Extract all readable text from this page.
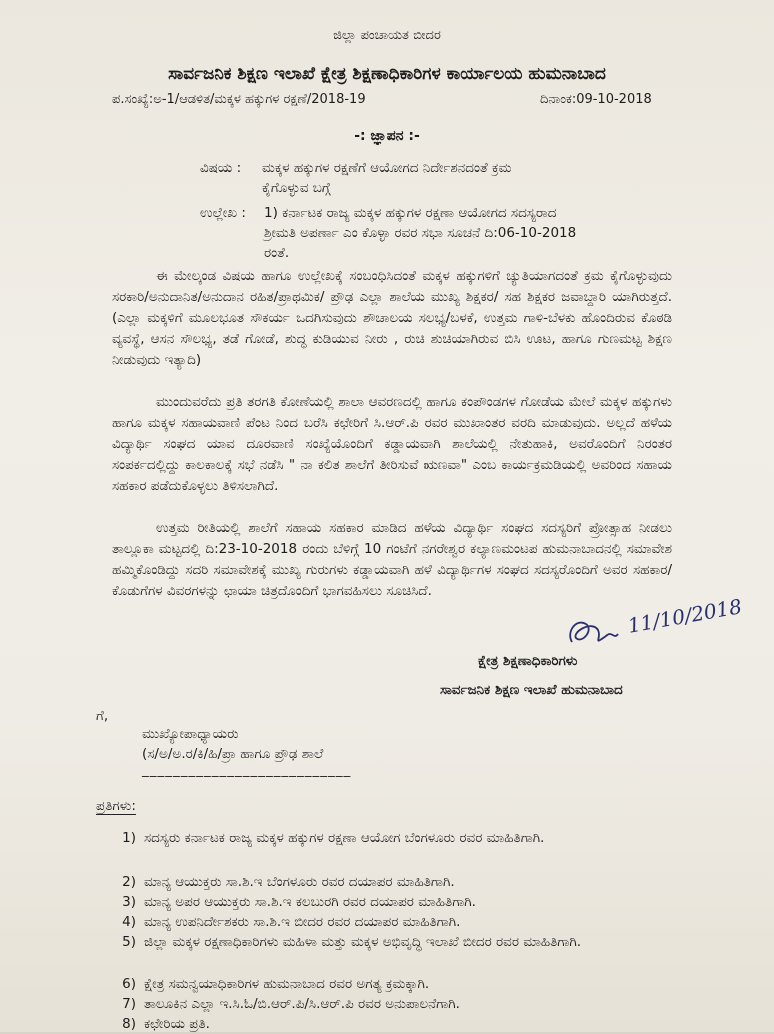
ಜಿಲ್ಲಾ ಪಂಚಾಯತ ಬೀದರ
ಸಾರ್ವಜನಿಕ ಶಿಕ್ಷಣ ಇಲಾಖೆ ಕ್ಷೇತ್ರ ಶಿಕ್ಷಣಾಧಿಕಾರಿಗಳ ಕಾರ್ಯಾಲಯ ಹುಮನಾಬಾದ
ಪ.ಸಂಖ್ಯೆ:ಅ-1/ಆಡಳಿತ/ಮಕ್ಕಳ ಹಕ್ಕುಗಳ ರಕ್ಷಣೆ/2018-19	ದಿನಾಂಕ:09-10-2018
-: ಜ್ಞಾಪನ :-
ವಿಷಯ : ಮಕ್ಕಳ ಹಕ್ಕುಗಳ ರಕ್ಷಣೆಗೆ ಆಯೋಗದ ನಿರ್ದೇಶನದಂತೆ ಕ್ರಮ
ಕೈಗೊಳ್ಳುವ ಬಗ್ಗೆ
ಉಲ್ಲೇಖ : 1) ಕರ್ನಾಟಕ ರಾಜ್ಯ ಮಕ್ಕಳ ಹಕ್ಕುಗಳ ರಕ್ಷಣಾ ಆಯೋಗದ ಸದಸ್ಯರಾದ
ಶ್ರೀಮತಿ ಅಪರ್ಣಾ ಎಂ ಕೊಳ್ಳಾ ರವರ ಸಭಾ ಸೂಚನೆ ದಿ:06-10-2018
ರಂತೆ.
ಈ ಮೇಲ್ಕಂಡ ವಿಷಯ ಹಾಗೂ ಉಲ್ಲೇಖಕ್ಕೆ ಸಂಬಂಧಿಸಿದಂತೆ ಮಕ್ಕಳ ಹಕ್ಕುಗಳಿಗೆ ಚ್ಯುತಿಯಾಗದಂತೆ ಕ್ರಮ ಕೈಗೊಳ್ಳುವುದು ಸರಕಾರಿ/ಅನುದಾನಿತ/ಅನುದಾನ ರಹಿತ/ಪ್ರಾಥಮಿಕ/ ಪ್ರೌಢ ಎಲ್ಲಾ ಶಾಲೆಯ ಮುಖ್ಯ ಶಿಕ್ಷಕರ/ ಸಹ ಶಿಕ್ಷಕರ ಜವಾಬ್ದಾರಿ ಯಾಗಿರುತ್ತದೆ. (ಎಲ್ಲಾ ಮಕ್ಕಳಿಗೆ ಮೂಲಭೂತ ಸೌಕರ್ಯ ಒದಗಿಸುವುದು ಶೌಚಾಲಯ ಸಲಭ್ಯ/ಬಳಕೆ, ಉತ್ತಮ ಗಾಳಿ-ಬೆಳಕು ಹೊಂದಿರುವ ಕೊಠಡಿ ವ್ಯವಸ್ಥೆ, ಆಸನ ಸೌಲಭ್ಯ, ತಡೆ ಗೋಡೆ, ಶುದ್ಧ ಕುಡಿಯುವ ನೀರು , ರುಚಿ ಶುಚಿಯಾಗಿರುವ ಬಿಸಿ ಊಟ, ಹಾಗೂ ಗುಣಮಟ್ಟ ಶಿಕ್ಷಣ ನೀಡುವುದು ಇತ್ಯಾದಿ)
ಮುಂದುವರೆದು ಪ್ರತಿ ತರಗತಿ ಕೋಣೆಯಲ್ಲಿ ಶಾಲಾ ಆವರಣದಲ್ಲಿ ಹಾಗೂ ಕಂಪೌಂಡಗಳ ಗೋಡೆಯ ಮೇಲೆ ಮಕ್ಕಳ ಹಕ್ಕುಗಳು ಹಾಗೂ ಮಕ್ಕಳ ಸಹಾಯವಾಣಿ ಪೆಂಟ ನಿಂದ ಬರೆಸಿ ಕಛೇರಿಗೆ ಸಿ.ಆರ್.ಪಿ ರವರ ಮುಖಾಂತರ ವರದಿ ಮಾಡುವುದು. ಅಲ್ಲದೆ ಹಳೆಯ ವಿದ್ಯಾರ್ಥಿ ಸಂಘದ ಯಾವ ದೂರವಾಣಿ ಸಂಖ್ಯೆಯೊಂದಿಗೆ ಕಡ್ಡಾಯವಾಗಿ ಶಾಲೆಯಲ್ಲಿ ನೇತುಹಾಕಿ, ಅವರೊಂದಿಗೆ ನಿರಂತರ ಸಂಪರ್ಕದಲ್ಲಿದ್ದು ಕಾಲಕಾಲಕ್ಕೆ ಸಭೆ ನಡೆಸಿ " ನಾ ಕಲಿತ ಶಾಲೆಗೆ ತೀರಿಸುವೆ ಋಣವಾ" ಎಂಬ ಕಾರ್ಯಕ್ರಮಡಿಯಲ್ಲಿ ಅವರಿಂದ ಸಹಾಯ ಸಹಕಾರ ಪಡೆದುಕೊಳ್ಳಲು ತಿಳಿಸಲಾಗಿದೆ.
ಉತ್ತಮ ರೀತಿಯಲ್ಲಿ ಶಾಲೆಗೆ ಸಹಾಯ ಸಹಕಾರ ಮಾಡಿದ ಹಳೆಯ ವಿದ್ಯಾರ್ಥಿ ಸಂಘದ ಸದಸ್ಯರಿಗೆ ಪ್ರೋತ್ಸಾಹ ನೀಡಲು ತಾಲ್ಲೂಕಾ ಮಟ್ಟದಲ್ಲಿ ದಿ:23-10-2018 ರಂದು ಬೆಳಿಗ್ಗೆ 10 ಗಂಟೆಗೆ ನಗರೇಶ್ವರ ಕಲ್ಯಾಣಮಂಟಪ ಹುಮನಾಬಾದನಲ್ಲಿ ಸಮಾವೇಶ ಹಮ್ಮಿಕೊಂಡಿದ್ದು ಸದರಿ ಸಮಾವೇಶಕ್ಕೆ ಮುಖ್ಯ ಗುರುಗಳು ಕಡ್ಡಾಯವಾಗಿ ಹಳೆ ವಿದ್ಯಾರ್ಥಿಗಳ ಸಂಘದ ಸದಸ್ಯರೊಂದಿಗೆ ಅವರ ಸಹಕಾರ/ಕೊಡುಗೆಗಳ ವಿವರಗಳನ್ನು ಛಾಯಾ ಚಿತ್ರದೊಂದಿಗೆ ಭಾಗವಹಿಸಲು ಸೂಚಿಸಿದೆ.
11/10/2018
ಕ್ಷೇತ್ರ ಶಿಕ್ಷಣಾಧಿಕಾರಿಗಳು
ಸಾರ್ವಜನಿಕ ಶಿಕ್ಷಣ ಇಲಾಖೆ ಹುಮನಾಬಾದ
ಗೆ,
ಮುಖ್ಯೋಪಾಧ್ಯಾಯರು
(ಸ/ಅ/ಅ.ರ/ಕಿ/ಹಿ/ಪ್ರಾ ಹಾಗೂ ಪ್ರೌಢ ಶಾಲೆ
___________________________
ಪ್ರತಿಗಳು:
1) ಸದಸ್ಯರು ಕರ್ನಾಟಕ ರಾಜ್ಯ ಮಕ್ಕಳ ಹಕ್ಕುಗಳ ರಕ್ಷಣಾ ಆಯೋಗ ಬೆಂಗಳೂರು ರವರ ಮಾಹಿತಿಗಾಗಿ.
2) ಮಾನ್ಯ ಆಯುಕ್ತರು ಸಾ.ಶಿ.ಇ ಬೆಂಗಳೂರು ರವರ ದಯಾಪರ ಮಾಹಿತಿಗಾಗಿ.
3) ಮಾನ್ಯ ಅಪರ ಆಯುಕ್ತರು ಸಾ.ಶಿ.ಇ ಕಲಬುರಗಿ ರವರ ದಯಾಪರ ಮಾಹಿತಿಗಾಗಿ.
4) ಮಾನ್ಯ ಉಪನಿರ್ದೇಶಕರು ಸಾ.ಶಿ.ಇ ಬೀದರ ರವರ ದಯಾಪರ ಮಾಹಿತಿಗಾಗಿ.
5) ಜಿಲ್ಲಾ ಮಕ್ಕಳ ರಕ್ಷಣಾಧಿಕಾರಿಗಳು ಮಹಿಳಾ ಮತ್ತು ಮಕ್ಕಳ ಅಭಿವೃದ್ಧಿ ಇಲಾಖೆ ಬೀದರ ರವರ ಮಾಹಿತಿಗಾಗಿ.
6) ಕ್ಷೇತ್ರ ಸಮನ್ವಯಾಧಿಕಾರಿಗಳ ಹುಮನಾಬಾದ ರವರ ಅಗತ್ಯ ಕ್ರಮಕ್ಕಾಗಿ.
7) ತಾಲೂಕಿನ ಎಲ್ಲಾ ಇ.ಸಿ.ಓ/ಬಿ.ಆರ್.ಪಿ/ಸಿ.ಆರ್.ಪಿ ರವರ ಅನುಪಾಲನೆಗಾಗಿ.
8) ಕಛೇರಿಯ ಪ್ರತಿ.
